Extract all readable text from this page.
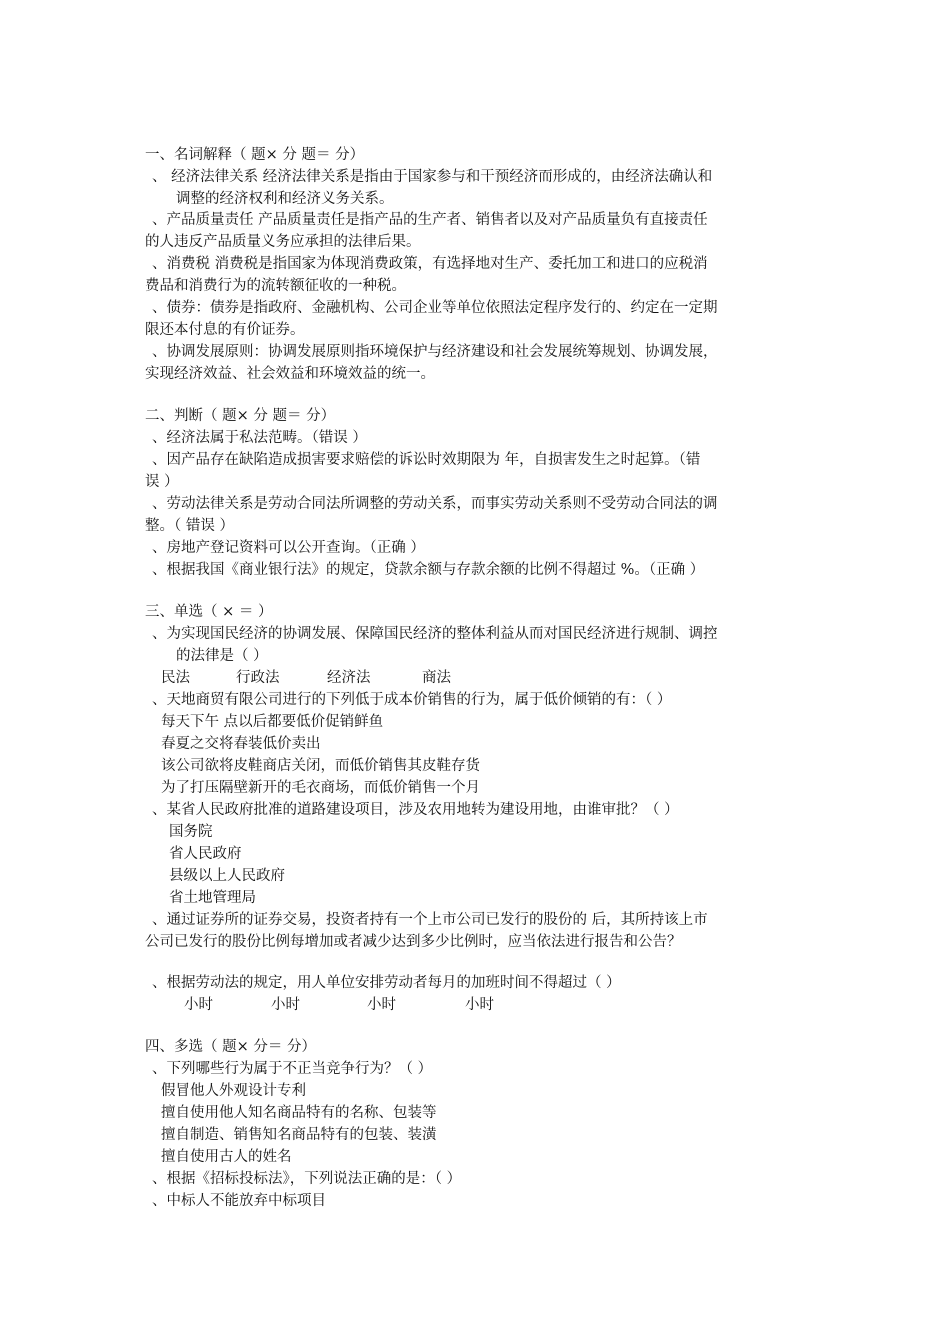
一、名词解释（ 题× 分 题＝ 分）
、 经济法律关系 经济法律关系是指由于国家参与和干预经济而形成的，由经济法确认和
调整的经济权利和经济义务关系。
、产品质量责任 产品质量责任是指产品的生产者、销售者以及对产品质量负有直接责任
的人违反产品质量义务应承担的法律后果。
、消费税 消费税是指国家为体现消费政策，有选择地对生产、委托加工和进口的应税消
费品和消费行为的流转额征收的一种税。
、债券：债券是指政府、金融机构、公司企业等单位依照法定程序发行的、约定在一定期
限还本付息的有价证券。
、协调发展原则：协调发展原则指环境保护与经济建设和社会发展统筹规划、协调发展，
实现经济效益、社会效益和环境效益的统一。
二、判断（ 题× 分 题＝ 分）
、经济法属于私法范畴。（错误 ）
、因产品存在缺陷造成损害要求赔偿的诉讼时效期限为 年，自损害发生之时起算。（错
误 ）
、劳动法律关系是劳动合同法所调整的劳动关系，而事实劳动关系则不受劳动合同法的调
整。（ 错误 ）
、房地产登记资料可以公开查询。（正确 ）
、根据我国《商业银行法》的规定，贷款余额与存款余额的比例不得超过 %。（正确 ）
三、单选（ × ＝ ）
、为实现国民经济的协调发展、保障国民经济的整体利益从而对国民经济进行规制、调控
的法律是（ ）
民法	行政法	经济法	商法
、天地商贸有限公司进行的下列低于成本价销售的行为，属于低价倾销的有：（ ）
每天下午 点以后都要低价促销鲜鱼
春夏之交将春装低价卖出
该公司欲将皮鞋商店关闭，而低价销售其皮鞋存货
为了打压隔壁新开的毛衣商场，而低价销售一个月
、某省人民政府批准的道路建设项目，涉及农用地转为建设用地，由谁审批？（ ）
国务院
省人民政府
县级以上人民政府
省土地管理局
、通过证券所的证券交易，投资者持有一个上市公司已发行的股份的 后，其所持该上市
公司已发行的股份比例每增加或者减少达到多少比例时，应当依法进行报告和公告？
、根据劳动法的规定，用人单位安排劳动者每月的加班时间不得超过（ ）
小时	小时	小时	小时
四、多选（ 题× 分＝ 分）
、下列哪些行为属于不正当竞争行为？（ ）
假冒他人外观设计专利
擅自使用他人知名商品特有的名称、包装等
擅自制造、销售知名商品特有的包装、装潢
擅自使用古人的姓名
、根据《招标投标法》，下列说法正确的是：（ ）
、中标人不能放弃中标项目
